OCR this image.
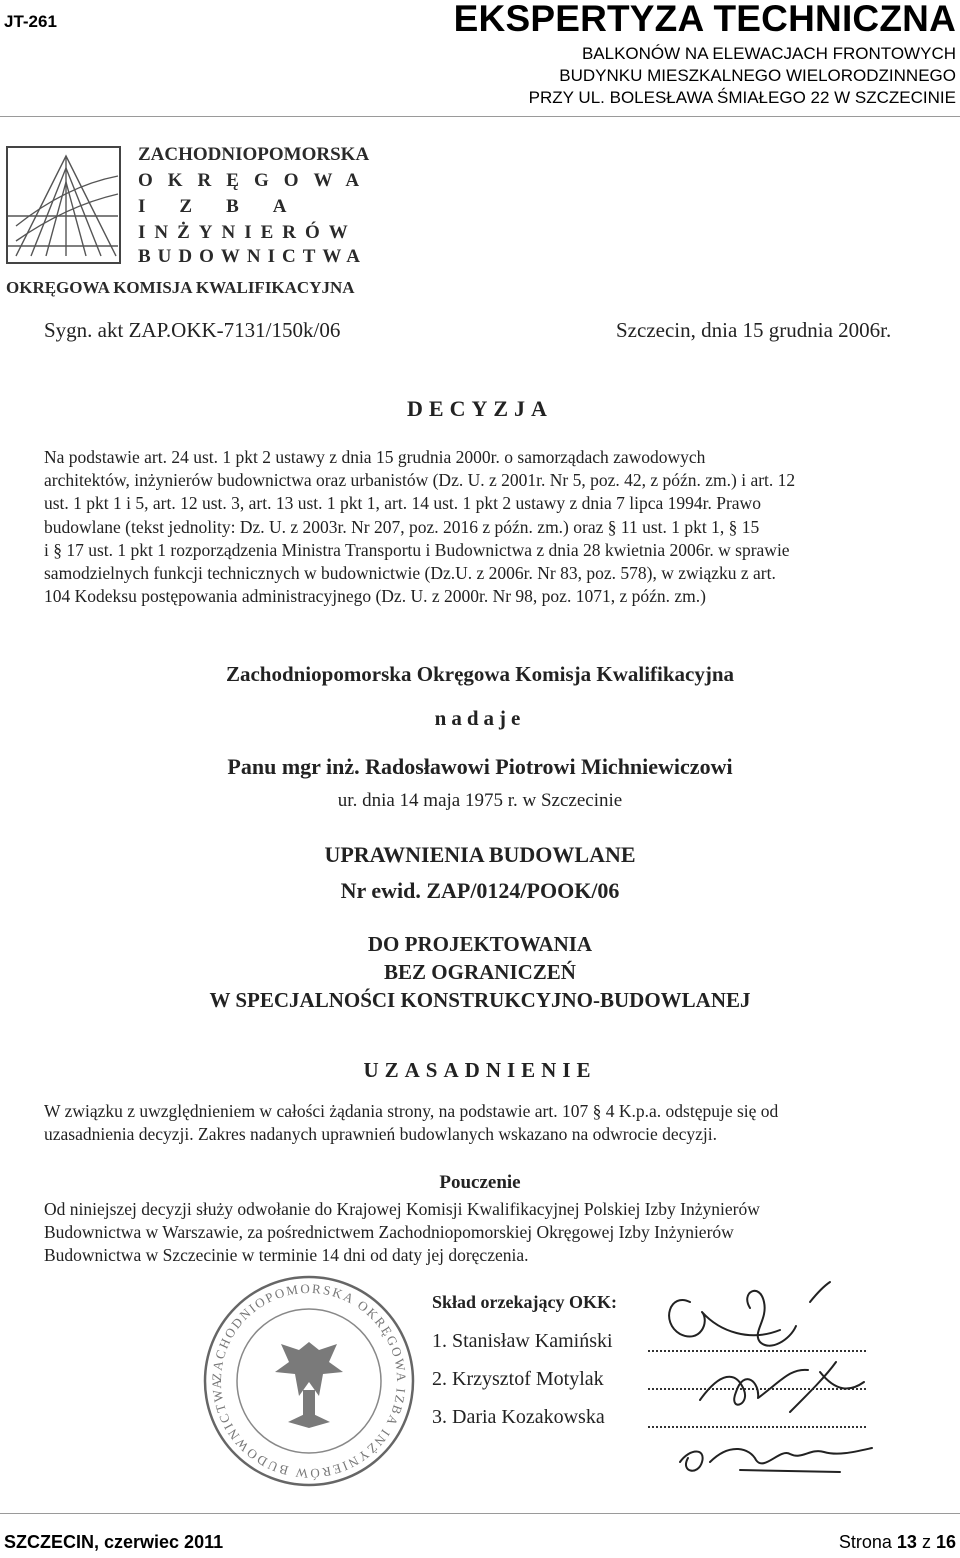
JT-261	EKSPERTYZA TECHNICZNA
BALKONÓW NA ELEWACJACH FRONTOWYCH
BUDYNKU MIESZKALNEGO WIELORODZINNEGO
PRZY UL. BOLESŁAWA ŚMIAŁEGO 22 W SZCZECINIE
ZACHODNIOPOMORSKA
OKRĘGOWA
IZBA
INŻYNIERÓW
BUDOWNICTWA
OKRĘGOWA KOMISJA KWALIFIKACYJNA
Sygn. akt ZAP.OKK-7131/150k/06	Szczecin, dnia 15 grudnia 2006r.
DECYZJA
Na podstawie art. 24 ust. 1 pkt 2 ustawy z dnia 15 grudnia 2000r. o samorządach zawodowych
architektów, inżynierów budownictwa oraz urbanistów (Dz. U. z 2001r. Nr 5, poz. 42, z późn. zm.) i art. 12
ust. 1 pkt 1 i 5, art. 12 ust. 3, art. 13 ust. 1 pkt 1, art. 14 ust. 1 pkt 2 ustawy z dnia 7 lipca 1994r. Prawo
budowlane (tekst jednolity: Dz. U. z 2003r. Nr 207, poz. 2016 z późn. zm.) oraz § 11 ust. 1 pkt 1, § 15
i § 17 ust. 1 pkt 1 rozporządzenia Ministra Transportu i Budownictwa z dnia 28 kwietnia 2006r. w sprawie
samodzielnych funkcji technicznych w budownictwie (Dz.U. z 2006r. Nr 83, poz. 578), w związku z art.
104 Kodeksu postępowania administracyjnego (Dz. U. z 2000r. Nr 98, poz. 1071, z późn. zm.)
Zachodniopomorska Okręgowa Komisja Kwalifikacyjna
nadaje
Panu mgr inż. Radosławowi Piotrowi Michniewiczowi
ur. dnia 14 maja 1975 r. w Szczecinie
UPRAWNIENIA BUDOWLANE
Nr ewid. ZAP/0124/POOK/06
DO PROJEKTOWANIA
BEZ OGRANICZEŃ
W SPECJALNOŚCI KONSTRUKCYJNO-BUDOWLANEJ
UZASADNIENIE
W związku z uwzględnieniem w całości żądania strony, na podstawie art. 107 § 4 K.p.a. odstępuje się od
uzasadnienia decyzji. Zakres nadanych uprawnień budowlanych wskazano na odwrocie decyzji.
Pouczenie
Od niniejszej decyzji służy odwołanie do Krajowej Komisji Kwalifikacyjnej Polskiej Izby Inżynierów
Budownictwa w Warszawie, za pośrednictwem Zachodniopomorskiej Okręgowej Izby Inżynierów
Budownictwa w Szczecinie w terminie 14 dni od daty jej doręczenia.
ZACHODNIOPOMORSKA OKRĘGOWA IZBA INŻYNIERÓW BUDOWNICTWA
Skład orzekający OKK:
1. Stanisław Kamiński
2. Krzysztof Motylak
3. Daria Kozakowska
SZCZECIN, czerwiec 2011	Strona 13 z 16
